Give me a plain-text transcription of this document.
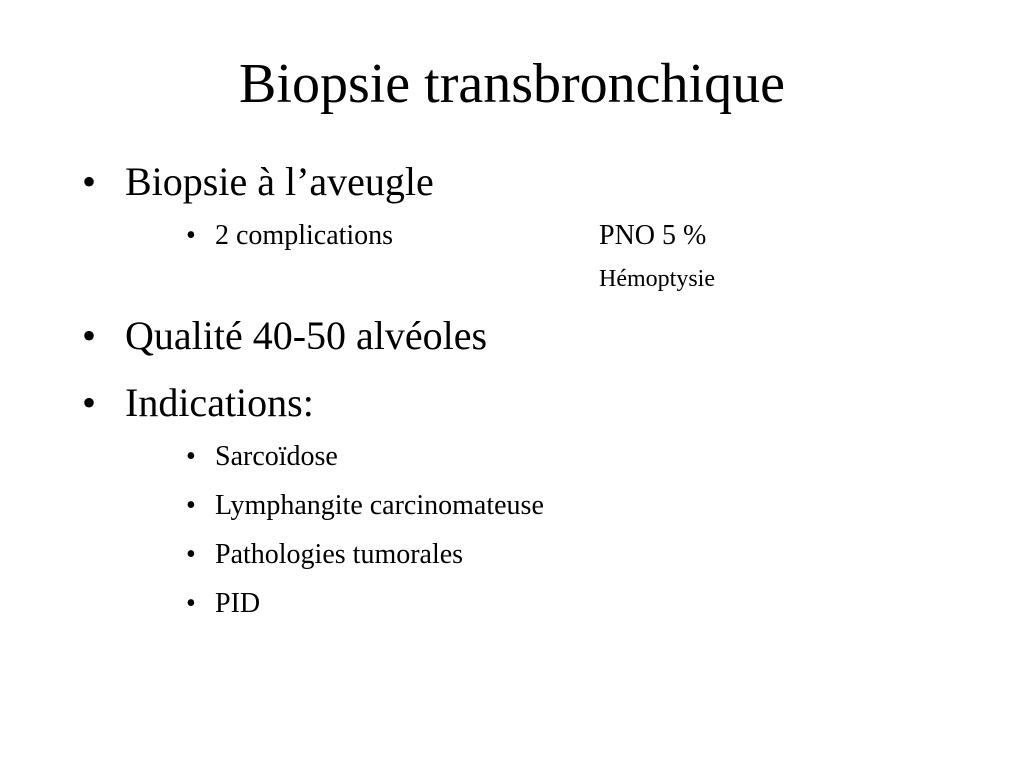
Biopsie transbronchique
• Biopsie à l’aveugle
• 2 complications	PNO 5 %
Hémoptysie
• Qualité 40-50 alvéoles
• Indications:
• Sarcoïdose
• Lymphangite carcinomateuse
• Pathologies tumorales
• PID
